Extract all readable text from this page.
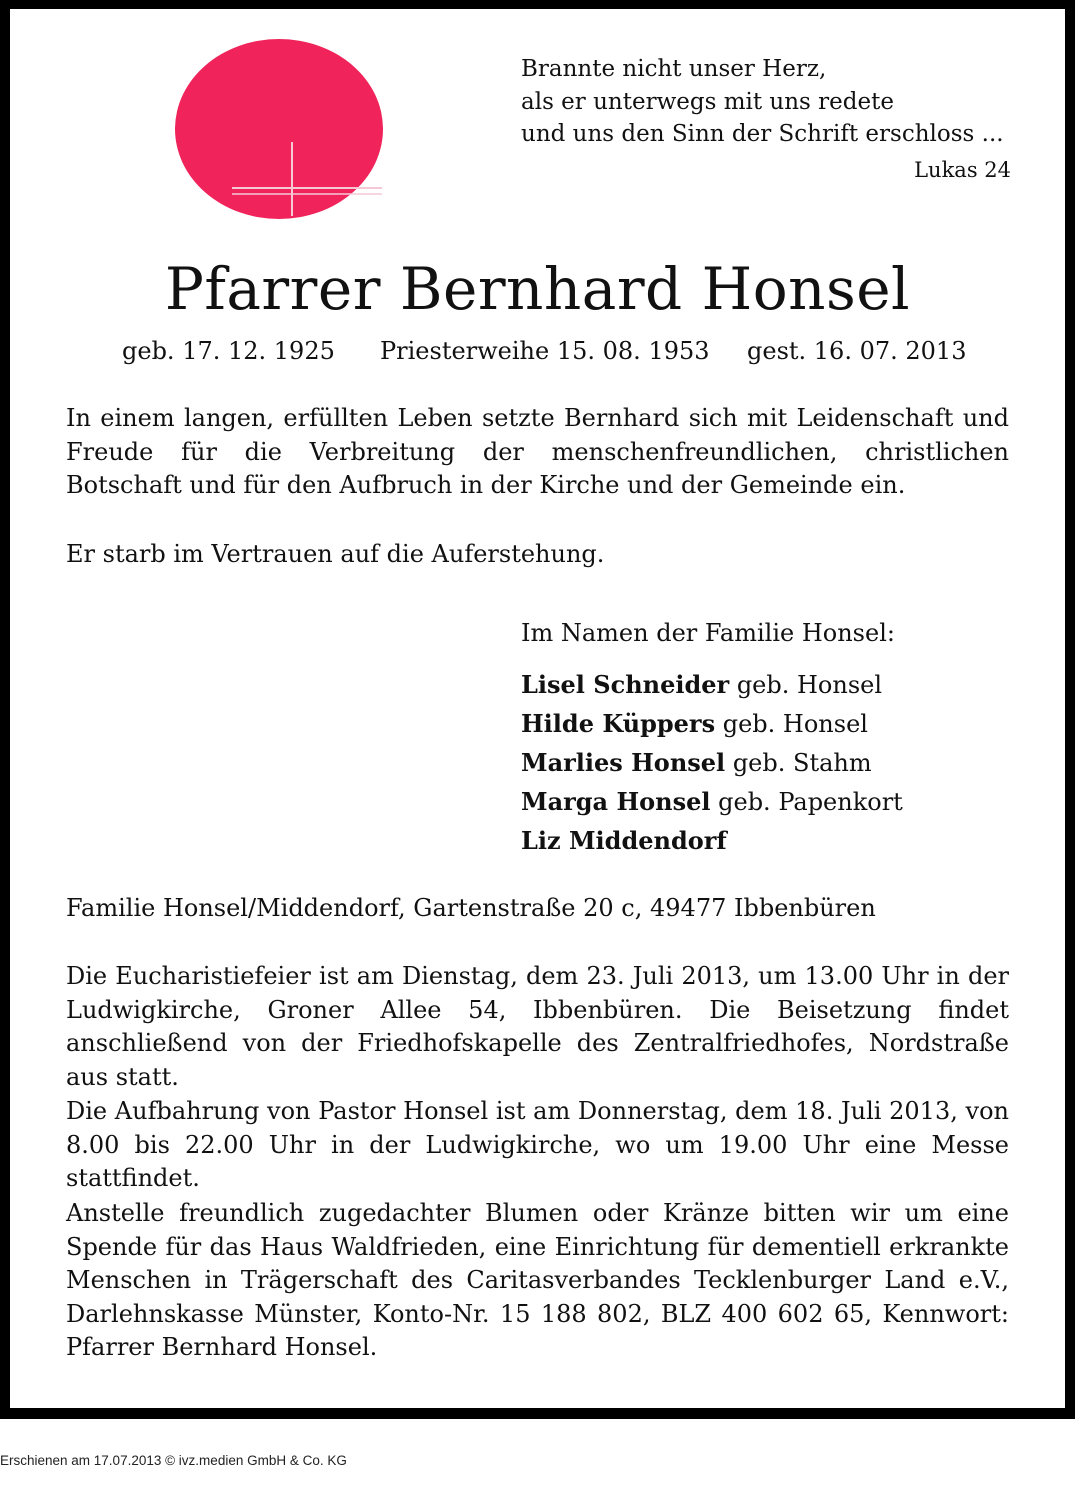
Brannte nicht unser Herz,
als er unterwegs mit uns redete
und uns den Sinn der Schrift erschloss ...
Lukas 24
Pfarrer Bernhard Honsel
geb. 17. 12. 1925 Priesterweihe 15. 08. 1953 gest. 16. 07. 2013
In einem langen, erfüllten Leben setzte Bernhard sich mit Leidenschaft und Freude für die Verbreitung der menschenfreundlichen, christlichen Botschaft und für den Aufbruch in der Kirche und der Gemeinde ein.
Er starb im Vertrauen auf die Auferstehung.
Im Namen der Familie Honsel:
Lisel Schneider geb. Honsel
Hilde Küppers geb. Honsel
Marlies Honsel geb. Stahm
Marga Honsel geb. Papenkort
Liz Middendorf
Familie Honsel/Middendorf, Gartenstraße 20 c, 49477 Ibbenbüren
Die Eucharistiefeier ist am Dienstag, dem 23. Juli 2013, um 13.00 Uhr in der Ludwigkirche, Groner Allee 54, Ibbenbüren. Die Beisetzung findet anschließend von der Friedhofskapelle des Zentralfriedhofes, Nordstraße aus statt.
Die Aufbahrung von Pastor Honsel ist am Donnerstag, dem 18. Juli 2013, von 8.00 bis 22.00 Uhr in der Ludwigkirche, wo um 19.00 Uhr eine Messe stattfindet.
Anstelle freundlich zugedachter Blumen oder Kränze bitten wir um eine Spende für das Haus Waldfrieden, eine Einrichtung für dementiell erkrankte Menschen in Trägerschaft des Caritasverbandes Tecklenburger Land e.V., Darlehnskasse Münster, Konto-Nr. 15 188 802, BLZ 400 602 65, Kennwort: Pfarrer Bernhard Honsel.
Erschienen am 17.07.2013 © ivz.medien GmbH & Co. KG
